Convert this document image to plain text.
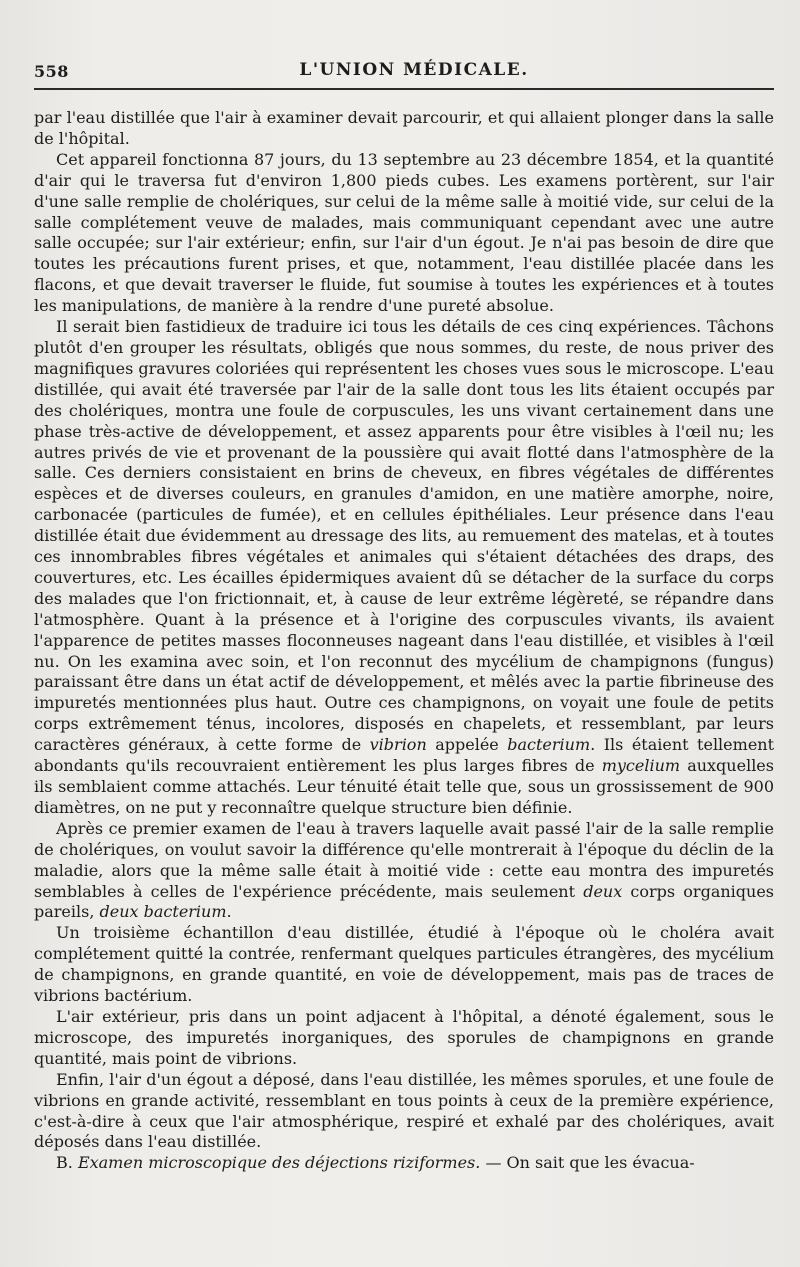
558	L'UNION MÉDICALE.

par l'eau distillée que l'air à examiner devait parcourir, et qui allaient plonger dans la salle de l'hôpital.

Cet appareil fonctionna 87 jours, du 13 septembre au 23 décembre 1854, et la quantité d'air qui le traversa fut d'environ 1,800 pieds cubes. Les examens portèrent, sur l'air d'une salle remplie de cholériques, sur celui de la même salle à moitié vide, sur celui de la salle complétement veuve de malades, mais communiquant cependant avec une autre salle occupée; sur l'air extérieur; enfin, sur l'air d'un égout. Je n'ai pas besoin de dire que toutes les précautions furent prises, et que, notamment, l'eau distillée placée dans les flacons, et que devait traverser le fluide, fut soumise à toutes les expériences et à toutes les manipulations, de manière à la rendre d'une pureté absolue.

Il serait bien fastidieux de traduire ici tous les détails de ces cinq expériences. Tâchons plutôt d'en grouper les résultats, obligés que nous sommes, du reste, de nous priver des magnifiques gravures coloriées qui représentent les choses vues sous le microscope. L'eau distillée, qui avait été traversée par l'air de la salle dont tous les lits étaient occupés par des cholériques, montra une foule de corpuscules, les uns vivant certainement dans une phase très-active de développement, et assez apparents pour être visibles à l'œil nu; les autres privés de vie et provenant de la poussière qui avait flotté dans l'atmosphère de la salle. Ces derniers consistaient en brins de cheveux, en fibres végétales de différentes espèces et de diverses couleurs, en granules d'amidon, en une matière amorphe, noire, carbonacée (particules de fumée), et en cellules épithéliales. Leur présence dans l'eau distillée était due évidemment au dressage des lits, au remuement des matelas, et à toutes ces innombrables fibres végétales et animales qui s'étaient détachées des draps, des couvertures, etc. Les écailles épidermiques avaient dû se détacher de la surface du corps des malades que l'on frictionnait, et, à cause de leur extrême légèreté, se répandre dans l'atmosphère. Quant à la présence et à l'origine des corpuscules vivants, ils avaient l'apparence de petites masses floconneuses nageant dans l'eau distillée, et visibles à l'œil nu. On les examina avec soin, et l'on reconnut des mycélium de champignons (fungus) paraissant être dans un état actif de développement, et mêlés avec la partie fibrineuse des impuretés mentionnées plus haut. Outre ces champignons, on voyait une foule de petits corps extrêmement ténus, incolores, disposés en chapelets, et ressemblant, par leurs caractères généraux, à cette forme de vibrion appelée bacterium. Ils étaient tellement abondants qu'ils recouvraient entièrement les plus larges fibres de mycelium auxquelles ils semblaient comme attachés. Leur ténuité était telle que, sous un grossissement de 900 diamètres, on ne put y reconnaître quelque structure bien définie.

Après ce premier examen de l'eau à travers laquelle avait passé l'air de la salle remplie de cholériques, on voulut savoir la différence qu'elle montrerait à l'époque du déclin de la maladie, alors que la même salle était à moitié vide : cette eau montra des impuretés semblables à celles de l'expérience précédente, mais seulement deux corps organiques pareils, deux bacterium.

Un troisième échantillon d'eau distillée, étudié à l'époque où le choléra avait complétement quitté la contrée, renfermant quelques particules étrangères, des mycélium de champignons, en grande quantité, en voie de développement, mais pas de traces de vibrions bactérium.

L'air extérieur, pris dans un point adjacent à l'hôpital, a dénoté également, sous le microscope, des impuretés inorganiques, des sporules de champignons en grande quantité, mais point de vibrions.

Enfin, l'air d'un égout a déposé, dans l'eau distillée, les mêmes sporules, et une foule de vibrions en grande activité, ressemblant en tous points à ceux de la première expérience, c'est-à-dire à ceux que l'air atmosphérique, respiré et exhalé par des cholériques, avait déposés dans l'eau distillée.

B. Examen microscopique des déjections riziformes. — On sait que les évacua-
